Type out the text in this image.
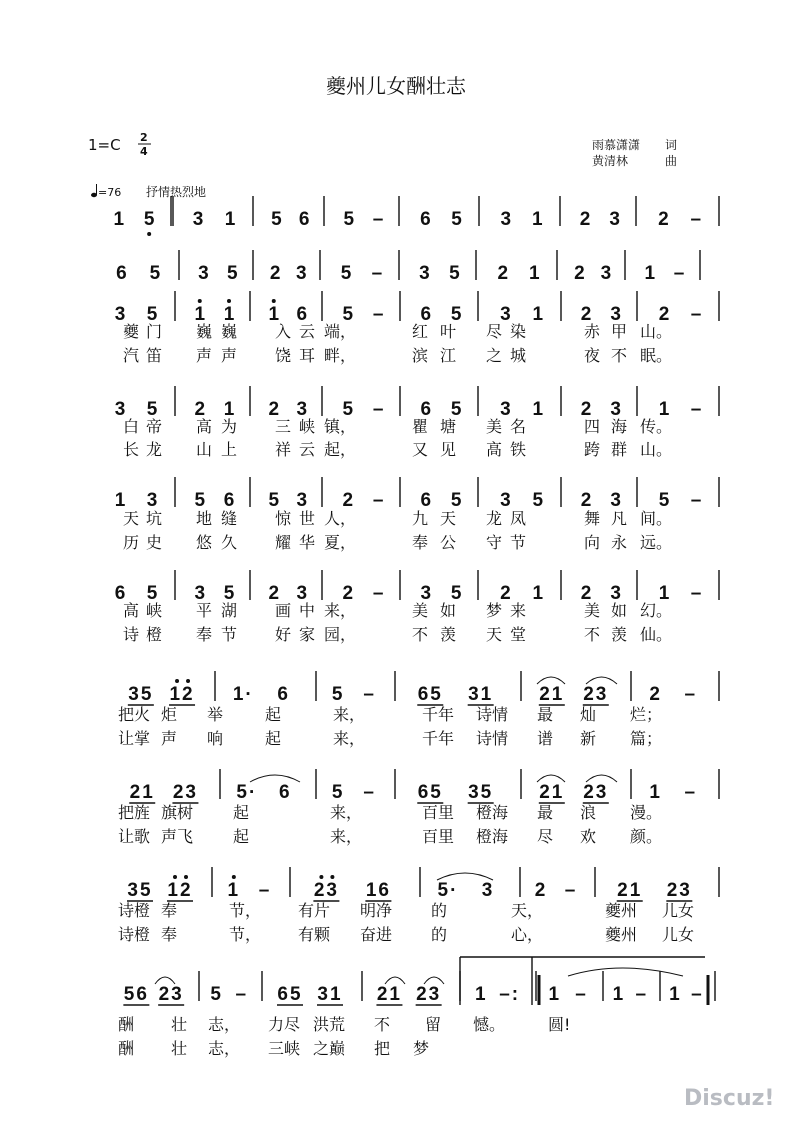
夔州儿女酬壮志
1=C 2
4	雨慕潇潇 词
黄清林	曲
=76 抒情热烈地
1 5 3 1 5 6 5 – 6 5 3 1 2 3 2 –
6 5 3 5 2 3 5 – 3 5 2 1 2 3 1 –
3 5 1 1 1 6 5 – 6 5 3 1 2 3 2 –
夔 门 巍 巍 入 云 端，	红 叶 尽 染	赤 甲 山。
汽 笛 声 声 饶 耳 畔，	滨 江 之 城	夜 不 眠。
3 5 2 1 2 3 5 – 6 5 3 1 2 3 1 –
白 帝 高 为 三 峡 镇，	瞿 塘 美 名	四 海 传。
长 龙 山 上 祥 云 起，	又 见 高 铁	跨 群 山。
1 3 5 6 5 3 2 – 6 5 3 5 2 3 5 –
天 坑 地 缝 惊 世 人，	九 天 龙 凤	舞 凡 间。
历 史 悠 久 耀 华 夏，	奉 公 守 节	向 永 远。
6 5 3 5 2 3 2 – 3 5 2 1 2 3 1 –
高 峡 平 湖 画 中 来，	美 如 梦 来	美 如 幻。
诗 橙 奉 节 好 家 园，	不 羡 天 堂	不 羡 仙。
35 12 1· 6 5 – 65 31 21 23 2 –
把火 炬 举	起	来，	千年 诗情 最 灿 烂；
让掌 声 响	起	来，	千年 诗情 谱 新 篇；
21 23 5· 6 5 – 65 35 21 23 1 –
把旌 旗树 起	来，	百里 橙海 最 浪 漫。
让歌 声飞 起	来，	百里 橙海 尽 欢 颜。
35 12 1 – 23 16 5· 3 2 – 21 23
诗橙 奉	节， 有片 明净 的	天，	夔州 儿女
诗橙 奉	节， 有颗 奋进 的	心，	夔州 儿女
56 23 5 – 65 31 21 23 1 –: 1 – 1 – 1 –
酬 壮 志， 力尽 洪荒 不 留 憾。	圆!
酬 壮 志， 三峡 之巅 把 梦
Discuz!
